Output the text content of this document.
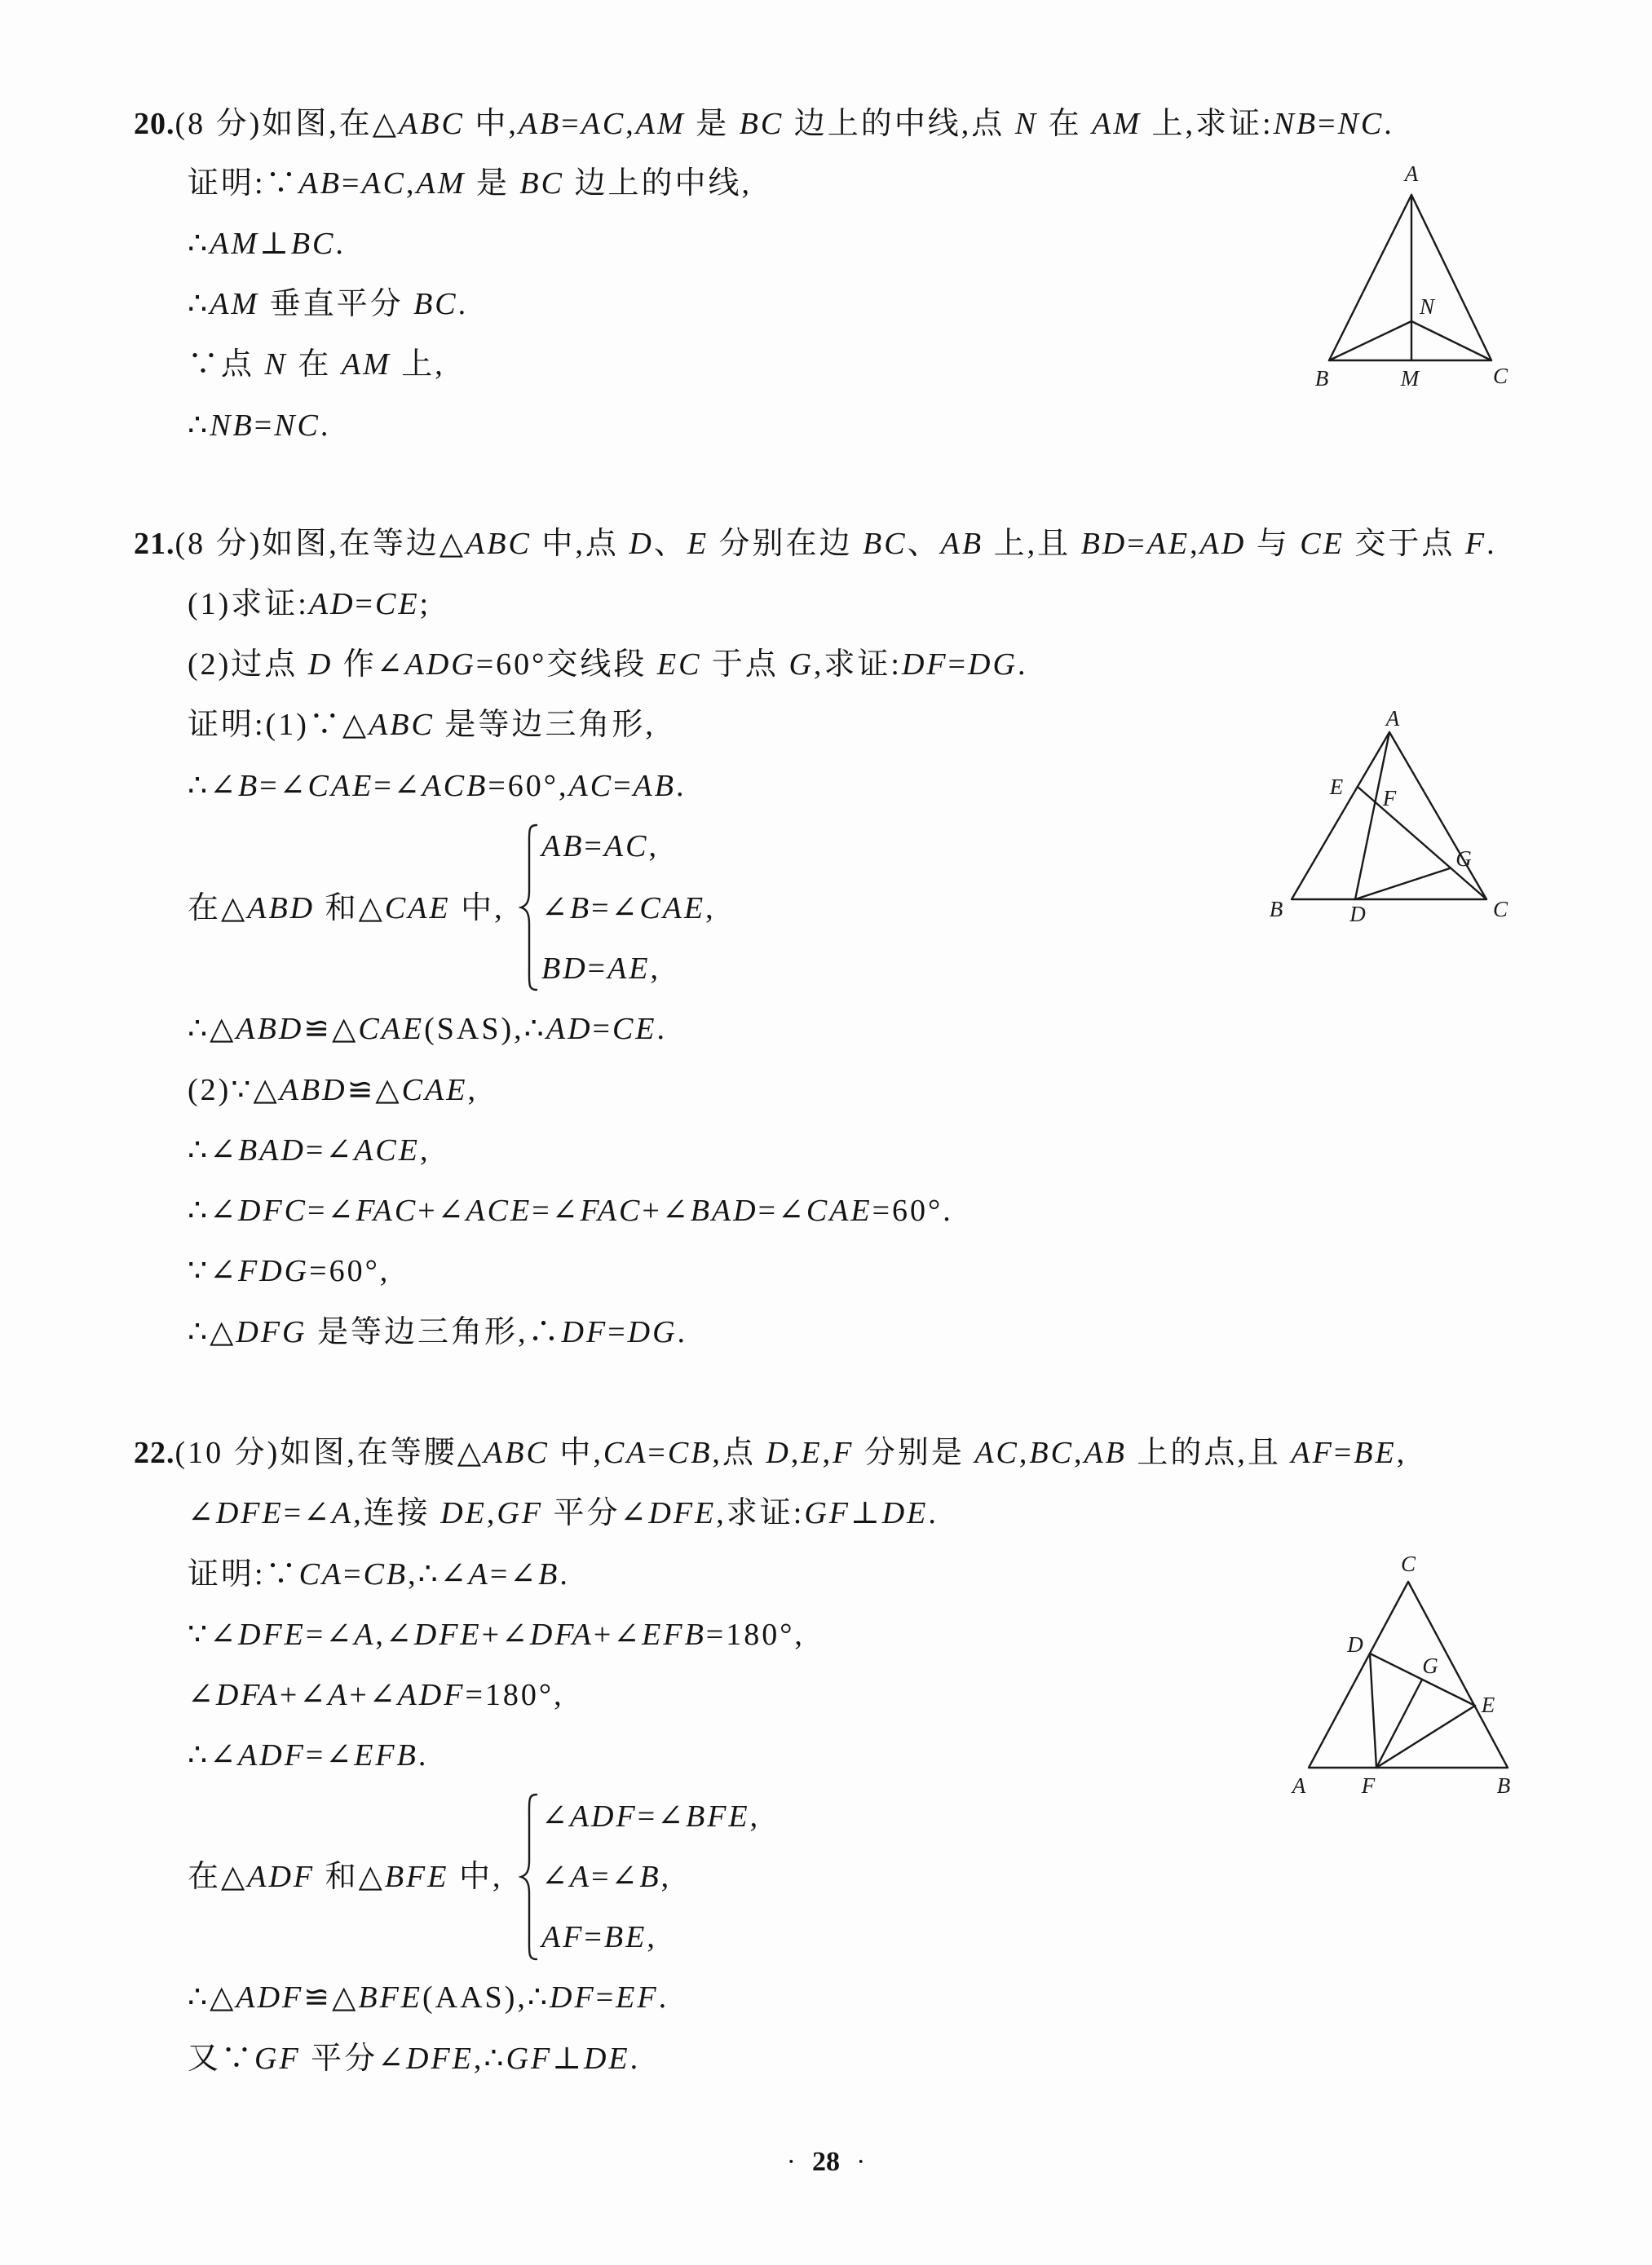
20.(8 分)如图,在△ABC 中,AB=AC,AM 是 BC 边上的中线,点 N 在 AM 上,求证:NB=NC.
证明:∵AB=AC,AM 是 BC 边上的中线,
∴AM⊥BC.
∴AM 垂直平分 BC.
∵点 N 在 AM 上,
∴NB=NC.
A
B	M	C
N
21.(8 分)如图,在等边△ABC 中,点 D、E 分别在边 BC、AB 上,且 BD=AE,AD 与 CE 交于点 F.
(1)求证:AD=CE;
(2)过点 D 作∠ADG=60°交线段 EC 于点 G,求证:DF=DG.
证明:(1)∵△ABC 是等边三角形,
∴∠B=∠CAE=∠ACB=60°,AC=AB.
在△ABD 和△CAE 中,
AB=AC,
∠B=∠CAE,
BD=AE,
∴△ABD≌△CAE(SAS),∴AD=CE.
(2)∵△ABD≌△CAE,
∴∠BAD=∠ACE,
∴∠DFC=∠FAC+∠ACE=∠FAC+∠BAD=∠CAE=60°.
∵∠FDG=60°,
∴△DFG 是等边三角形,∴DF=DG.
A
E F
G
B	D	C
22.(10 分)如图,在等腰△ABC 中,CA=CB,点 D,E,F 分别是 AC,BC,AB 上的点,且 AF=BE,
∠DFE=∠A,连接 DE,GF 平分∠DFE,求证:GF⊥DE.
证明:∵CA=CB,∴∠A=∠B.
∵∠DFE=∠A,∠DFE+∠DFA+∠EFB=180°,
∠DFA+∠A+∠ADF=180°,
∴∠ADF=∠EFB.
在△ADF 和△BFE 中,
∠ADF=∠BFE,
∠A=∠B,
AF=BE,
∴△ADF≌△BFE(AAS),∴DF=EF.
又∵GF 平分∠DFE,∴GF⊥DE.
C
D
G
E
A	F	B
· 28 ·
